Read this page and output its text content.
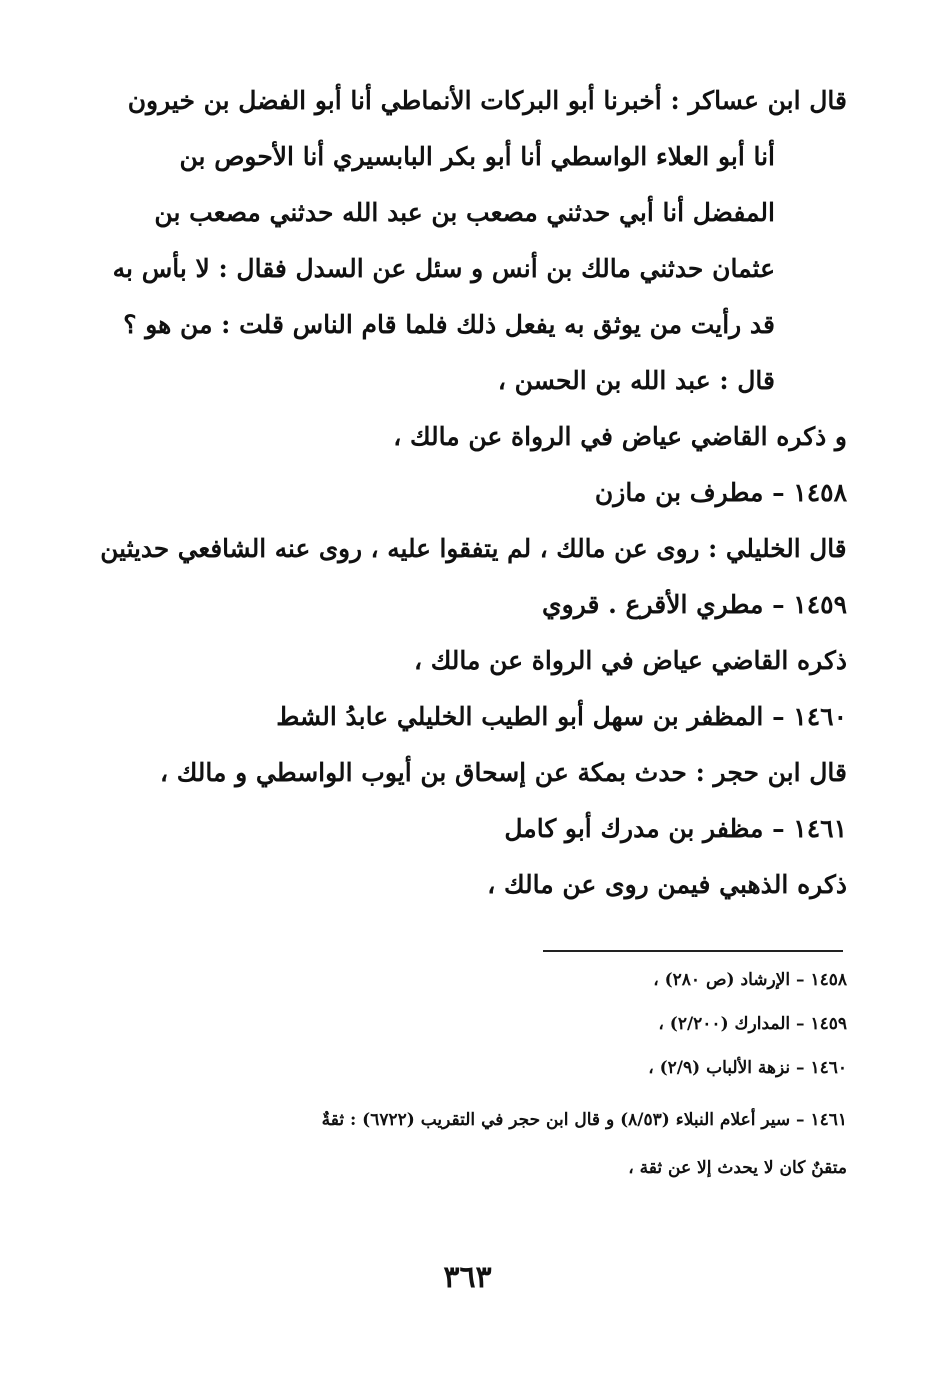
قال ابن عساكر : أخبرنا أبو البركات الأنماطي أنا أبو الفضل بن خيرون
أنا أبو العلاء الواسطي أنا أبو بكر البابسيري أنا الأحوص بن
المفضل أنا أبي حدثني مصعب بن عبد الله حدثني مصعب بن
عثمان حدثني مالك بن أنس و سئل عن السدل فقال : لا بأس به
قد رأيت من يوثق به يفعل ذلك فلما قام الناس قلت : من هو ؟
قال : عبد الله بن الحسن ،
و ذكره القاضي عياض في الرواة عن مالك ،
١٤٥٨ – مطرف بن مازن
قال الخليلي : روى عن مالك ، لم يتفقوا عليه ، روى عنه الشافعي حديثين
١٤٥٩ – مطري الأقرع . قروي
ذكره القاضي عياض في الرواة عن مالك ،
١٤٦٠ – المظفر بن سهل أبو الطيب الخليلي عابدُ الشط
قال ابن حجر : حدث بمكة عن إسحاق بن أيوب الواسطي و مالك ،
١٤٦١ – مظفر بن مدرك أبو كامل
ذكره الذهبي فيمن روى عن مالك ،
١٤٥٨ – الإرشاد (ص ٢٨٠) ،
١٤٥٩ – المدارك (٢/٢٠٠) ،
١٤٦٠ – نزهة الألباب (٢/٩) ،
١٤٦١ – سير أعلام النبلاء (٨/٥٣) و قال ابن حجر في التقريب (٦٧٢٢) : ثقةٌ
متقنٌ كان لا يحدث إلا عن ثقة ،
٣٦٣
